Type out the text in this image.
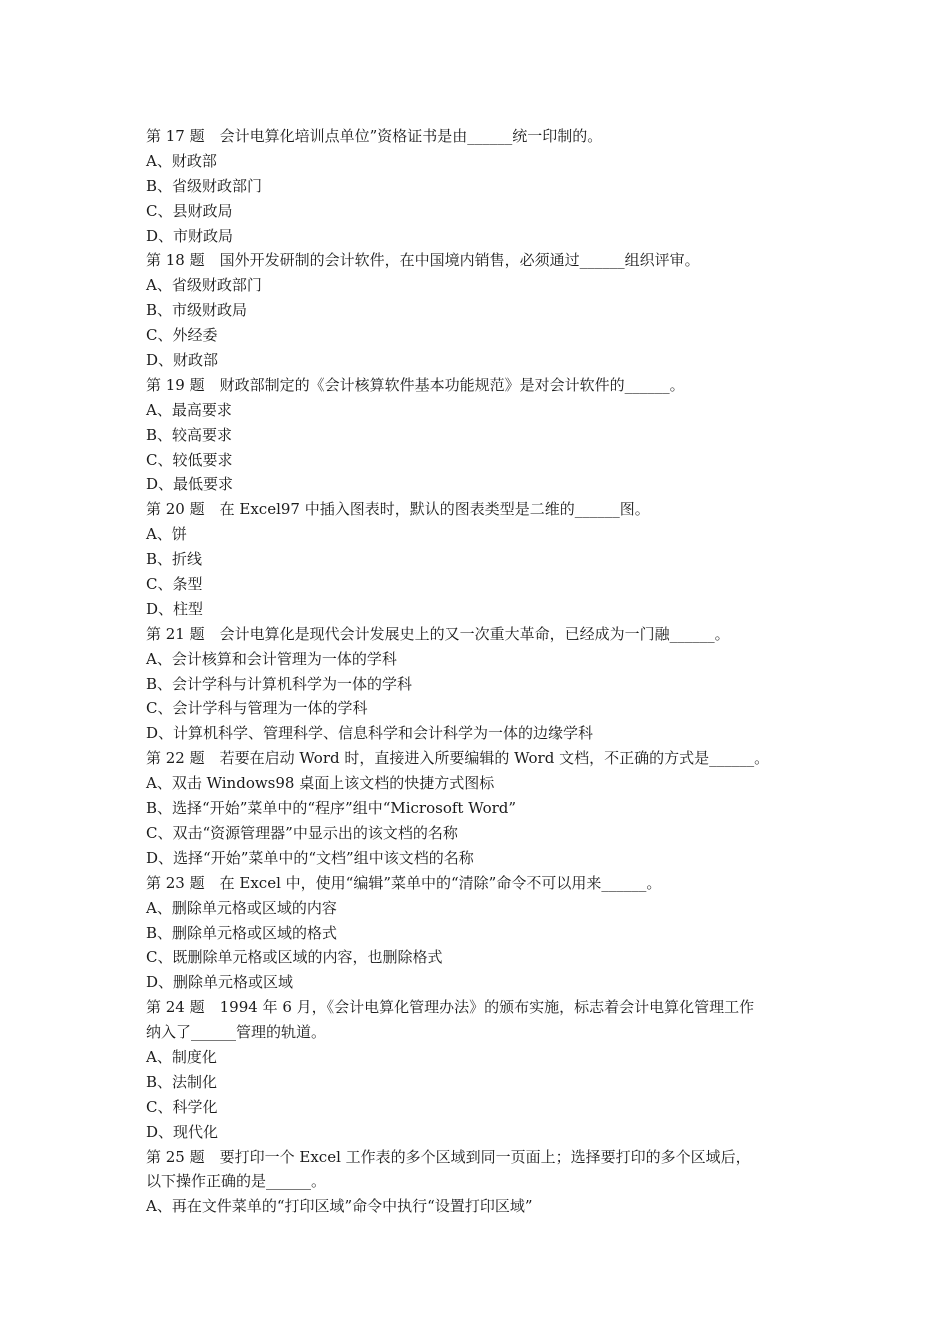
第 17 题　会计电算化培训点单位”资格证书是由______统一印制的。
A、财政部
B、省级财政部门
C、县财政局
D、市财政局
第 18 题　国外开发研制的会计软件，在中国境内销售，必须通过______组织评审。
A、省级财政部门
B、市级财政局
C、外经委
D、财政部
第 19 题　财政部制定的《会计核算软件基本功能规范》是对会计软件的______。
A、最高要求
B、较高要求
C、较低要求
D、最低要求
第 20 题　在 Excel97 中插入图表时，默认的图表类型是二维的______图。
A、饼
B、折线
C、条型
D、柱型
第 21 题　会计电算化是现代会计发展史上的又一次重大革命，已经成为一门融______。
A、会计核算和会计管理为一体的学科
B、会计学科与计算机科学为一体的学科
C、会计学科与管理为一体的学科
D、计算机科学、管理科学、信息科学和会计科学为一体的边缘学科
第 22 题　若要在启动 Word 时，直接进入所要编辑的 Word 文档，不正确的方式是______。
A、双击 Windows98 桌面上该文档的快捷方式图标
B、选择“开始”菜单中的“程序”组中“Microsoft Word”
C、双击“资源管理器”中显示出的该文档的名称
D、选择“开始”菜单中的“文档”组中该文档的名称
第 23 题　在 Excel 中，使用“编辑”菜单中的“清除”命令不可以用来______。
A、删除单元格或区域的内容
B、删除单元格或区域的格式
C、既删除单元格或区域的内容，也删除格式
D、删除单元格或区域
第 24 题　1994 年 6 月，《会计电算化管理办法》的颁布实施，标志着会计电算化管理工作
纳入了______管理的轨道。
A、制度化
B、法制化
C、科学化
D、现代化
第 25 题　要打印一个 Excel 工作表的多个区域到同一页面上；选择要打印的多个区域后，
以下操作正确的是______。
A、再在文件菜单的“打印区域”命令中执行“设置打印区域”
